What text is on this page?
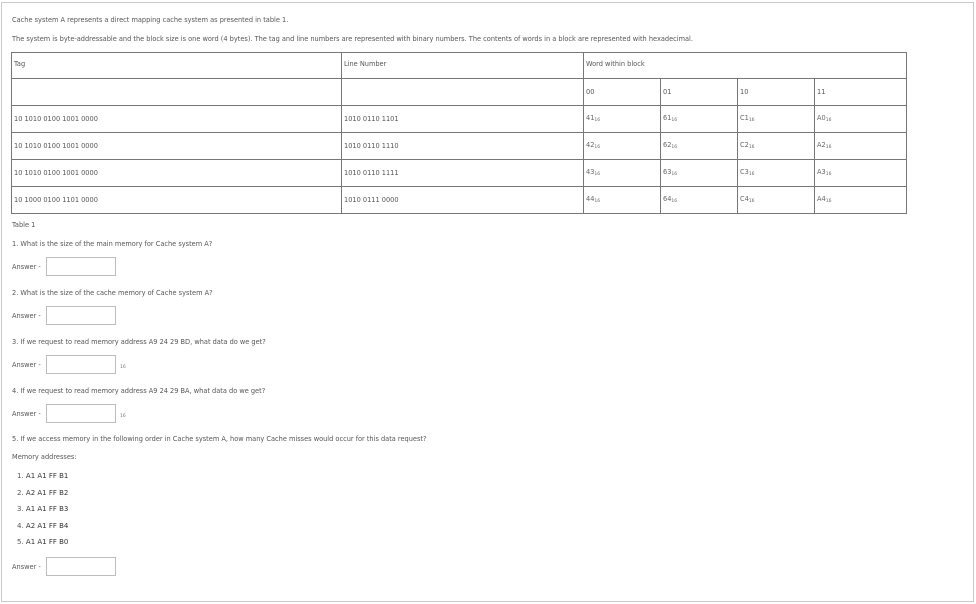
Cache system A represents a direct mapping cache system as presented in table 1.
The system is byte-addressable and the block size is one word (4 bytes). The tag and line numbers are represented with binary numbers. The contents of words in a block are represented with hexadecimal.
Tag	Line Number	Word within block			
		00	01	10	11
10 1010 0100 1001 0000	1010 0110 1101	$41_{16}$	$61_{16}$	$C1_{16}$	$A0_{16}$
10 1010 0100 1001 0000	1010 0110 1110	$42_{16}$	$62_{16}$	$C2_{16}$	$A2_{16}$
10 1010 0100 1001 0000	1010 0110 1111	$43_{16}$	$63_{16}$	$C3_{16}$	$A3_{16}$
10 1000 0100 1101 0000	1010 0111 0000	$44_{16}$	$64_{16}$	$C4_{16}$	$A4_{16}$
Table 1
1. What is the size of the main memory for Cache system A?
Answer -
2. What is the size of the cache memory of Cache system A?
Answer -
3. If we request to read memory address A9 24 29 BD, what data do we get?
Answer -	16
4. If we request to read memory address A9 24 29 BA, what data do we get?
Answer -	16
5. If we access memory in the following order in Cache system A, how many Cache misses would occur for this data request?
Memory addresses:
1. A1 A1 FF B1
2. A2 A1 FF B2
3. A1 A1 FF B3
4. A2 A1 FF B4
5. A1 A1 FF B0
Answer -
